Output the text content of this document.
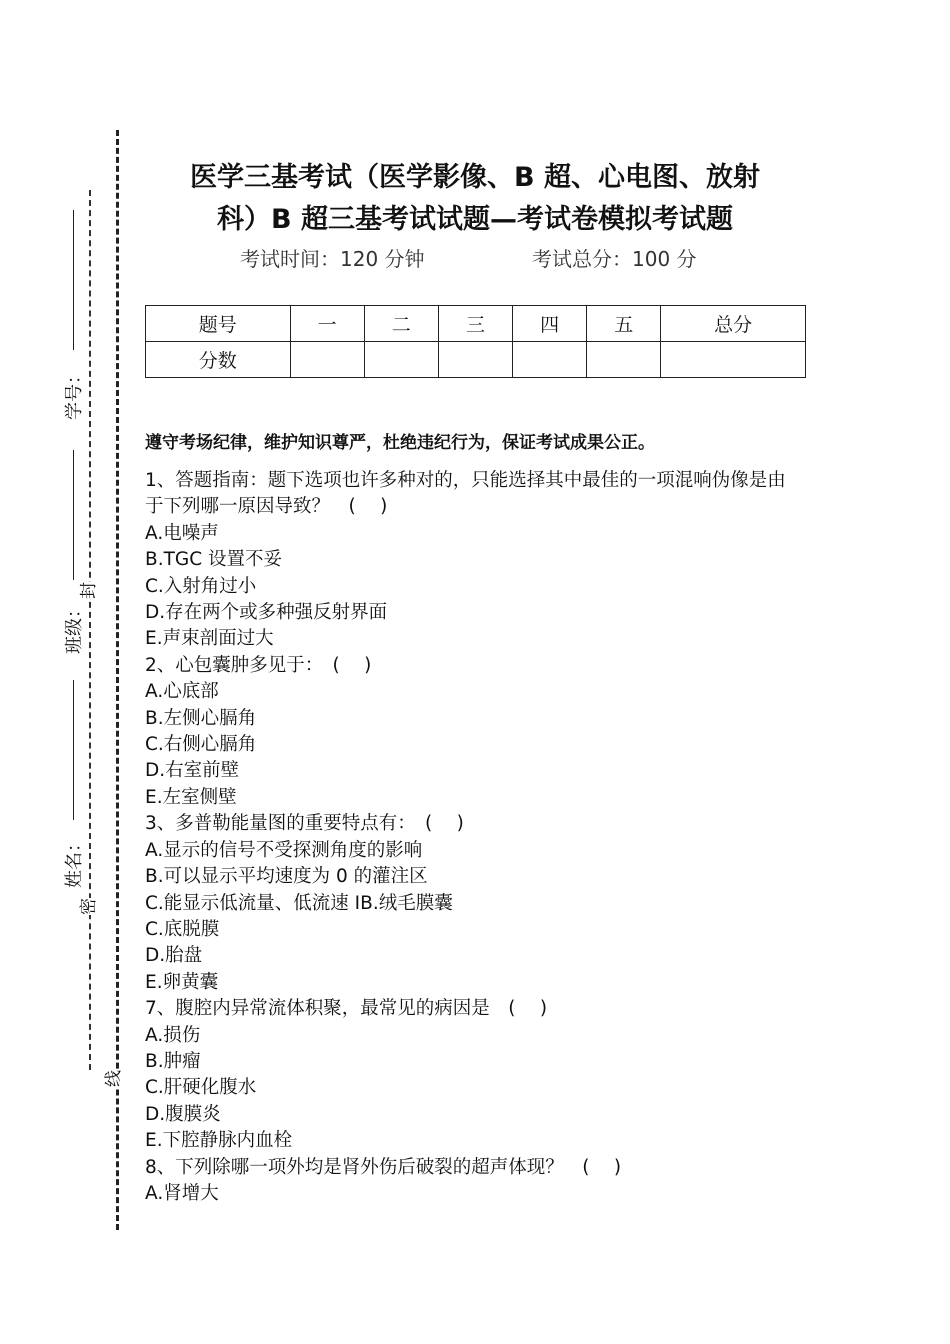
学号：
班级：
姓名：
封
密
线
医学三基考试（医学影像、B 超、心电图、放射
科）B 超三基考试试题—考试卷模拟考试题
考试时间：120 分钟	考试总分：100 分
题号	一	二	三	四	五	总分
分数						
遵守考场纪律，维护知识尊严，杜绝违纪行为，保证考试成果公正。
1、答题指南：题下选项也许多种对的，只能选择其中最佳的一项混响伪像是由
于下列哪一原因导致？　(　 )
A.电噪声
B.TGC 设置不妥
C.入射角过小
D.存在两个或多种强反射界面
E.声束剖面过大
2、心包囊肿多见于：　(　 )
A.心底部
B.左侧心膈角
C.右侧心膈角
D.右室前壁
E.左室侧壁
3、多普勒能量图的重要特点有：　(　 )
A.显示的信号不受探测角度的影响
B.可以显示平均速度为 0 的灌注区
C.能显示低流量、低流速 IB.绒毛膜囊
C.底脱膜
D.胎盘
E.卵黄囊
7、腹腔内异常流体积聚，最常见的病因是　(　 )
A.损伤
B.肿瘤
C.肝硬化腹水
D.腹膜炎
E.下腔静脉内血栓
8、下列除哪一项外均是肾外伤后破裂的超声体现？　(　 )
A.肾增大
